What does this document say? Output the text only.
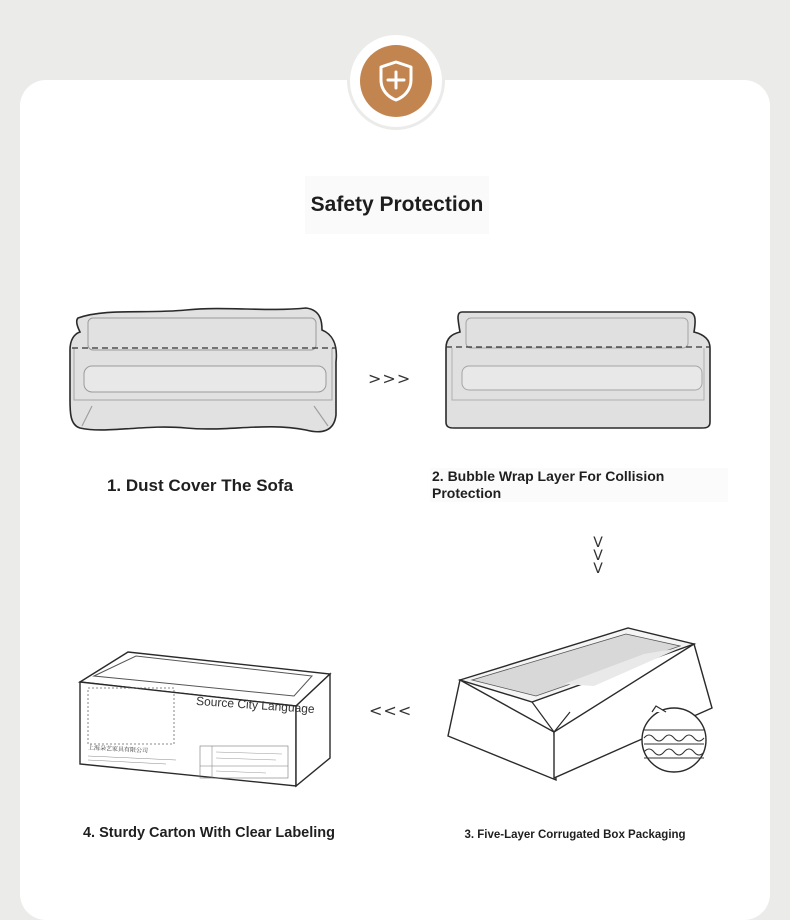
Safety Protection
>>>
1. Dust Cover The Sofa	2. Bubble Wrap Layer For Collision Protection
V
V
V
Source City Language
上海朵艺家具有限公司
<<<
4. Sturdy Carton With Clear Labeling	3. Five-Layer Corrugated Box Packaging
